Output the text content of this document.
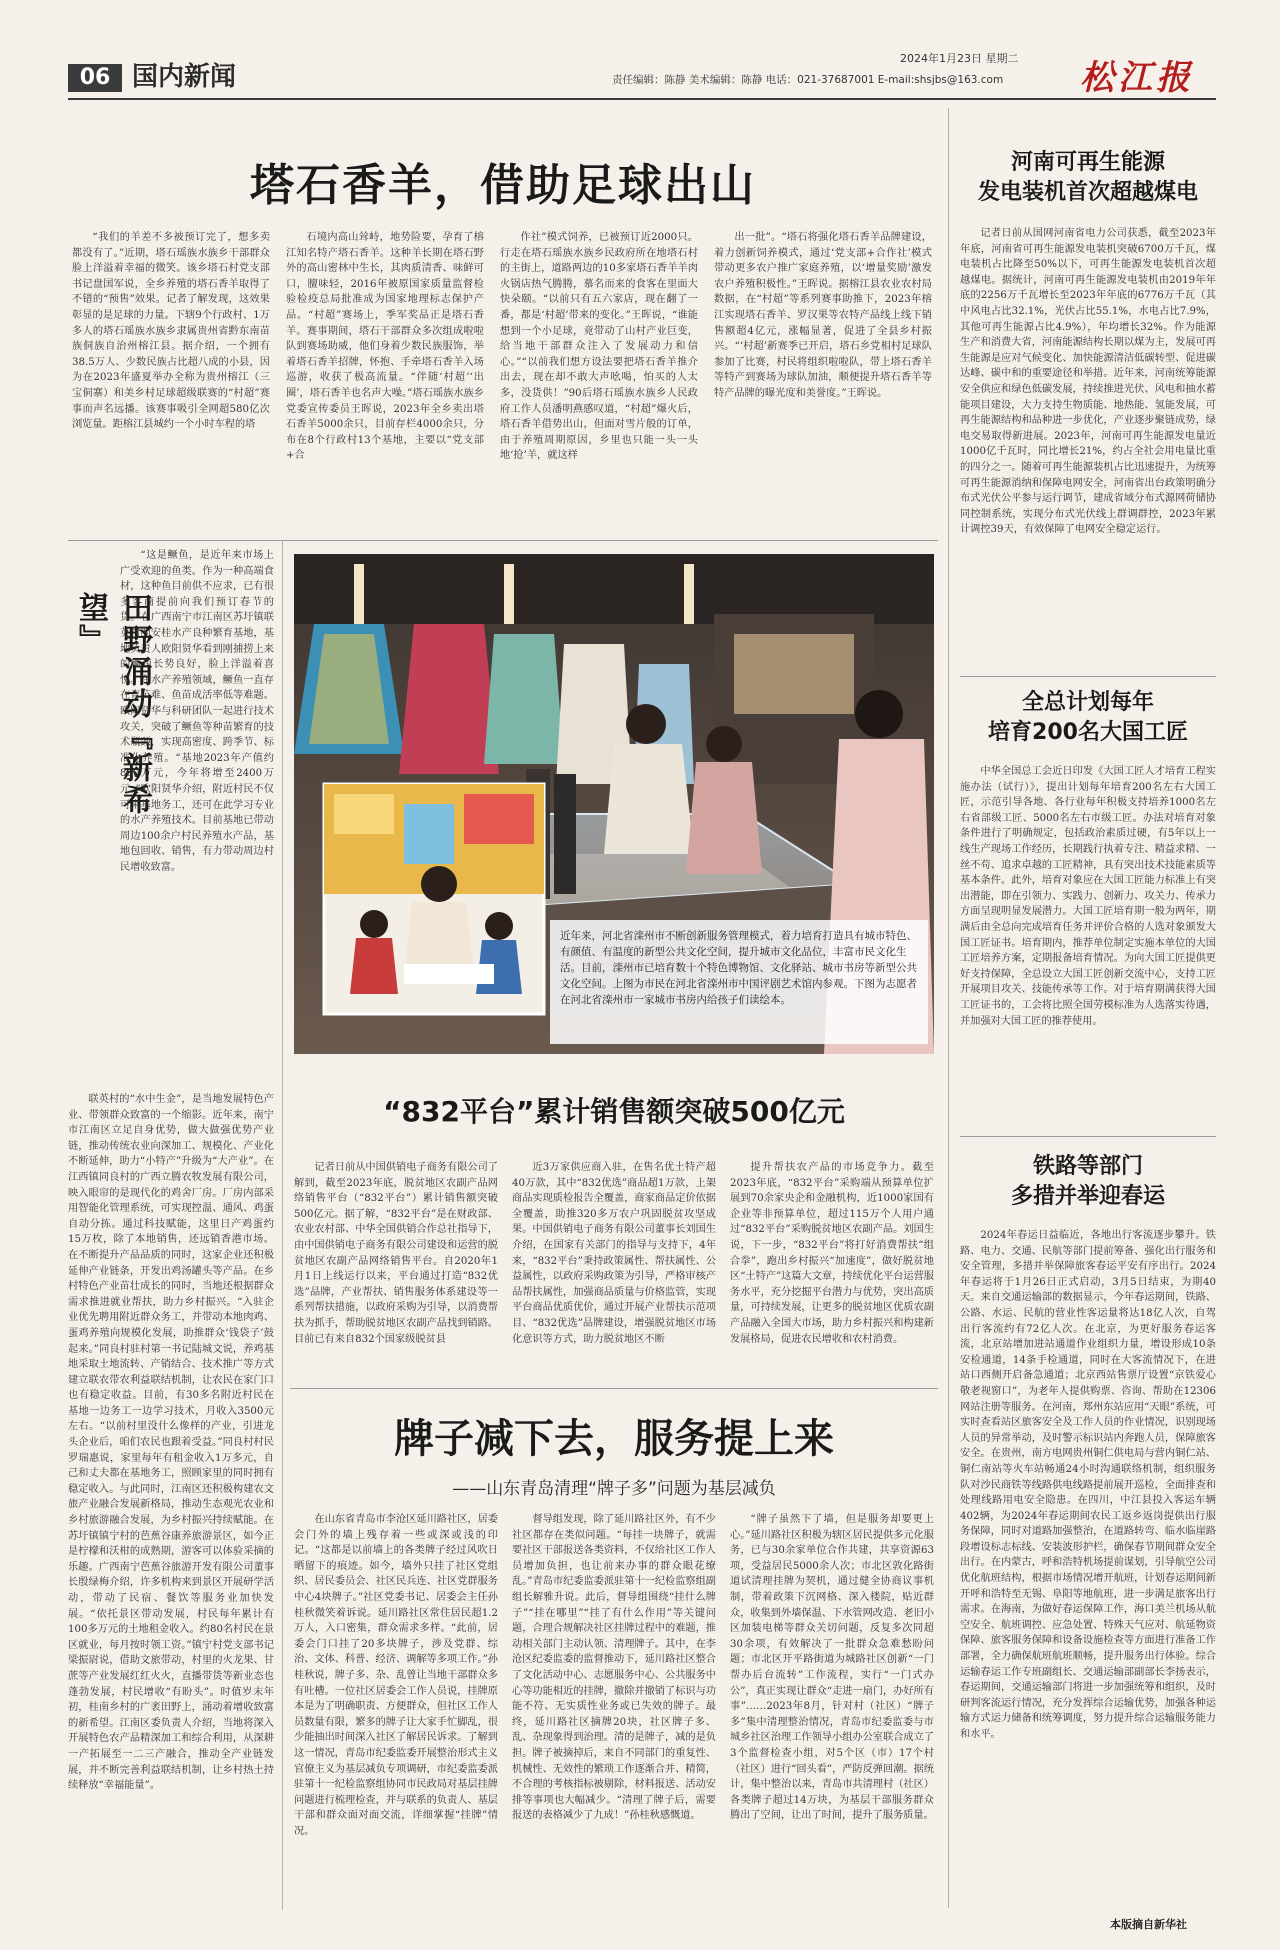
06 国内新闻
2024年1月23日 星期二
责任编辑：陈静 美术编辑：陈静 电话：021-37687001 E-mail:shsjbs@163.com 松江报
塔石香羊，借助足球出山

“我们的羊差不多被预订完了，想多卖都没有了。”近期，塔石瑶族水族乡干部群众脸上洋溢着幸福的微笑。该乡塔石村党支部书记盘国军说，全乡养殖的塔石香羊取得了不错的“预售”效果。记者了解发现，这效果彰显的是足球的力量。下辖9个行政村、1万多人的塔石瑶族水族乡隶属贵州省黔东南苗族侗族自治州榕江县。据介绍，一个拥有38.5万人、少数民族占比超八成的小县，因为在2023年盛夏举办全称为贵州榕江（三宝侗寨）和美乡村足球超级联赛的“村超”赛事而声名远播。该赛事吸引全网超580亿次浏览量。距榕江县城约一个小时车程的塔

石境内高山耸峙，地势险要，孕育了榕江知名特产塔石香羊。这种羊长期在塔石野外的高山密林中生长，其肉质清香、味鲜可口，膻味轻，2016年被原国家质量监督检验检疫总局批准成为国家地理标志保护产品。“村超”赛场上，季军奖品正是塔石香羊。赛事期间，塔石干部群众多次组成啦啦队到赛场助威，他们身着少数民族服饰，举着塔石香羊招牌，怀抱、手牵塔石香羊入场巡游，收获了极高流量。“伴随‘村超’‘出圈’，塔石香羊也名声大噪。”塔石瑶族水族乡党委宣传委员王晖说，2023年全乡卖出塔石香羊5000余只，目前存栏4000余只，分布在8个行政村13个基地，主要以“党支部+合

作社”模式饲养，已被预订近2000只。行走在塔石瑶族水族乡民政府所在地塔石村的主街上，道路两边的10多家塔石香羊羊肉火锅店热气腾腾，慕名而来的食客在里面大快朵颐。“以前只有五六家店，现在翻了一番，都是‘村超’带来的变化。”王晖说，“谁能想到一个小足球，竟带动了山村产业巨变，给当地干部群众注入了发展动力和信心。”“以前我们想方设法要把塔石香羊推介出去，现在却不敢大声吆喝，怕买的人太多，没货供！”90后塔石瑶族水族乡人民政府工作人员潘明燕感叹道，“村超”爆火后，塔石香羊借势出山，但面对雪片般的订单，由于养殖周期原因，乡里也只能一头一头地‘抢’羊，就这样

出一批”。“塔石将强化塔石香羊品牌建设，着力创新饲养模式，通过‘党支部+合作社’模式带动更多农户推广家庭养殖，以‘增量奖励’激发农户养殖积极性。”王晖说。据榕江县农业农村局数据，在“村超”等系列赛事助推下，2023年榕江实现塔石香羊、罗汉果等农特产品线上线下销售额超4亿元，涨幅显著，促进了全县乡村振兴。“‘村超’新赛季已开启，塔石乡党相村足球队参加了比赛，村民将组织啦啦队，带上塔石香羊等特产到赛场为球队加油，顺便提升塔石香羊等特产品牌的曝光度和美誉度。”王晖说。

河南可再生能源
发电装机首次超越煤电

记者日前从国网河南省电力公司获悉，截至2023年年底，河南省可再生能源发电装机突破6700万千瓦，煤电装机占比降至50%以下，可再生能源发电装机首次超越煤电。据统计，河南可再生能源发电装机由2019年年底的2256万千瓦增长至2023年年底的6776万千瓦（其中风电占比32.1%，光伏占比55.1%，水电占比7.9%，其他可再生能源占比4.9%），年均增长32%。作为能源生产和消费大省，河南能源结构长期以煤为主，发展可再生能源是应对气候变化、加快能源清洁低碳转型、促进碳达峰、碳中和的重要途径和举措。近年来，河南统筹能源安全供应和绿色低碳发展，持续推进光伏、风电和抽水蓄能项目建设，大力支持生物质能、地热能、氢能发展，可再生能源结构和品种进一步优化，产业逐步聚链成势，绿电交易取得新进展。2023年，河南可再生能源发电量近1000亿千瓦时，同比增长21%，约占全社会用电量比重的四分之一。随着可再生能源装机占比迅速提升，为统筹可再生能源消纳和保障电网安全，河南省出台政策明确分布式光伏公平参与运行调节，建成省域分布式源网荷储协同控制系统，实现分布式光伏线上群调群控，2023年累计调控39天，有效保障了电网安全稳定运行。

全总计划每年
培育200名大国工匠

中华全国总工会近日印发《大国工匠人才培育工程实施办法（试行）》，提出计划每年培育200名左右大国工匠，示范引导各地、各行业每年积极支持培养1000名左右省部级工匠、5000名左右市级工匠。办法对培育对象条件进行了明确规定，包括政治素质过硬，有5年以上一线生产现场工作经历，长期践行执着专注、精益求精、一丝不苟、追求卓越的工匠精神，具有突出技术技能素质等基本条件。此外，培育对象应在大国工匠能力标准上有突出潜能，即在引领力、实践力、创新力、攻关力、传承力方面呈现明显发展潜力。大国工匠培育期一般为两年，期满后由全总向完成培育任务并评价合格的人选对象颁发大国工匠证书。培育期内，推荐单位制定实施本单位的大国工匠培养方案，定期报备培育情况。为向大国工匠提供更好支持保障，全总设立大国工匠创新交流中心，支持工匠开展项目攻关、技能传承等工作。对于培育期满获得大国工匠证书的，工会将比照全国劳模标准为人选落实待遇，并加强对大国工匠的推荐使用。

铁路等部门
多措并举迎春运

2024年春运日益临近，各地出行客流逐步攀升。铁路、电力、交通、民航等部门提前筹备、强化出行服务和安全管理，多措并举保障旅客春运平安有序出行。2024年春运将于1月26日正式启动，3月5日结束，为期40天。来自交通运输部的数据显示，今年春运期间，铁路、公路、水运、民航的营业性客运量将达18亿人次，自驾出行客流约有72亿人次。在北京，为更好服务春运客流，北京站增加进站通道作业组织力量，增设形成10条安检通道，14条手检通道，同时在大客流情况下，在进站口西侧开启备急通道；北京西站售票厅设置“京铁爱心敬老视窗口”，为老年人提供购票、咨询、帮助在12306网站注册等服务。在河南，郑州东站应用“天眼”系统，可实时查看站区旅客安全及工作人员的作业情况，识别现场人员的异常举动，及时警示标识站内奔跑人员，保障旅客安全。在贵州，南方电网贵州铜仁供电局与营内铜仁站、铜仁南站等火车站畅通24小时沟通联络机制，组织服务队对沙民商铁等线路供电线路提前展开巡检，全面排查和处理线路用电安全隐患。在四川，中江县投入客运车辆402辆，为2024年春运期间农民工返乡返岗提供出行服务保障，同时对道路加强整治，在道路转弯、临水临崖路段增设标志标线、安装波形护栏，确保春节期间群众安全出行。在内蒙古，呼和浩特机场提前谋划，引导航空公司优化航班结构，根据市场情况增开航班，计划春运期间新开呼和浩特至无锡、阜阳等地航班，进一步满足旅客出行需求。在海南，为做好春运保障工作，海口美兰机场从航空安全、航班调控、应急处置、特殊天气应对、航延物资保障、旅客服务保障和设备设施检查等方面进行准备工作部署，全力确保航班航班顺畅，提升服务出行体验。综合运输春运工作专班副组长、交通运输部副部长李扬表示，春运期间，交通运输部门将进一步加强统筹和组织，及时研判客流运行情况，充分发挥综合运输优势，加强各种运输方式运力储备和统筹调度，努力提升综合运输服务能力和水平。

田野涌动『新希望』

“这是鳜鱼，是近年来市场上广受欢迎的鱼类。作为一种高端食材，这种鱼目前供不应求，已有很多客商提前向我们预订春节的货。”在广西南宁市江南区苏圩镇联英村的安桂水产良种繁育基地，基地负责人欧阳贤华看到刚捕捞上来的鳜鱼长势良好，脸上洋溢着喜悦。在水产养殖领域，鳜鱼一直存在育苗难、鱼苗成活率低等难题。欧阳贤华与科研团队一起进行技术攻关，突破了鳜鱼等种苗繁育的技术瓶颈，实现高密度、跨季节、标准化养殖。“基地2023年产值约800万元，今年将增至2400万元。”欧阳贤华介绍，附近村民不仅可来基地务工，还可在此学习专业的水产养殖技术。目前基地已带动周边100余户村民养殖水产品，基地包回收、销售，有力带动周边村民增收致富。

联英村的“水中生金”，是当地发展特色产业、带领群众致富的一个缩影。近年来，南宁市江南区立足自身优势，做大做强优势产业链，推动传统农业向深加工、规模化、产业化不断延伸，助力“小特产”升级为“大产业”。在江西镇同良村的广西立腾农牧发展有限公司，映入眼帘的是现代化的鸡舍厂房。厂房内部采用智能化管理系统，可实现控温、通风、鸡蛋自动分拣。通过科技赋能，这里日产鸡蛋约15万枚，除了本地销售，还远销香港市场。在不断提升产品品质的同时，这家企业还积极延伸产业链条，开发出鸡汤罐头等产品。在乡村特色产业苗壮成长的同时，当地还根据群众需求推进就业帮扶，助力乡村振兴。“入驻企业优先聘用附近群众务工，并带动本地肉鸡、蛋鸡养殖向规模化发展，助推群众‘钱袋子’鼓起来。”同良村驻村第一书记陆城文说，养鸡基地采取土地流转、产销结合、技术推广等方式建立联农带农利益联结机制，让农民在家门口也有稳定收益。目前，有30多名附近村民在基地一边务工一边学习技术，月收入3500元左右。“以前村里没什么像样的产业，引进龙头企业后，咱们农民也跟着受益。”同良村村民罗瑞惠说，家里每年有租金收入1万多元，自己和丈夫都在基地务工，照顾家里的同时拥有稳定收入。与此同时，江南区还积极构建农文旅产业融合发展新格局，推动生态观光农业和乡村旅游融合发展，为乡村振兴持续赋能。在苏圩镇镇宁村的芭蕉谷康养旅游景区，如今正是柠檬和沃柑的成熟期，游客可以体验采摘的乐趣。广西南宁芭蕉谷旅游开发有限公司董事长殷绿梅介绍，许多机构来到景区开展研学活动，带动了民宿、餐饮等服务业加快发展。“依托景区带动发展，村民每年累计有100多万元的土地租金收入。约80名村民在景区就业，每月按时领工资。”镇宁村党支部书记梁振尉说，借助文旅带动，村里的火龙果、甘蔗等产业发展红红火火，直播带货等新业态也蓬勃发展，村民增收“有盼头”。时值岁末年初，桂南乡村的广袤田野上，涌动着增收致富的新希望。江南区委负责人介绍，当地将深入开展特色农产品精深加工和综合利用，从深耕一产拓展至一二三产融合，推动全产业链发展，并不断完善利益联结机制，让乡村热土持续释放“幸福能量”。

近年来，河北省滦州市不断创新服务管理模式，着力培育打造具有城市特色、有颜值、有温度的新型公共文化空间，提升城市文化品位，丰富市民文化生活。目前，滦州市已培育数十个特色博物馆、文化驿站、城市书房等新型公共文化空间。上图为市民在河北省滦州市中国评剧艺术馆内参观。下图为志愿者在河北省滦州市一家城市书房内给孩子们读绘本。

“832平台”累计销售额突破500亿元

记者日前从中国供销电子商务有限公司了解到，截至2023年底，脱贫地区农副产品网络销售平台（“832平台”）累计销售额突破500亿元。据了解，“832平台”是在财政部、农业农村部、中华全国供销合作总社指导下，由中国供销电子商务有限公司建设和运营的脱贫地区农副产品网络销售平台。自2020年1月1日上线运行以来，平台通过打造“832优选”品牌，产业帮扶、销售服务体系建设等一系列帮扶措施，以政府采购为引导，以消费帮扶为抓手，帮助脱贫地区农副产品找到销路。目前已有来自832个国家级脱贫县

近3万家供应商入驻，在售名优土特产超40万款，其中“832优选”商品超1万款，上架商品实现质检报告全覆盖，商家商品定价依据全覆盖，助推320多万农户巩固脱贫攻坚成果。中国供销电子商务有限公司董事长刘国生介绍，在国家有关部门的指导与支持下，4年来，“832平台”秉持政策属性、帮扶属性、公益属性，以政府采购政策为引导，严格审核产品帮扶属性，加强商品质量与价格监管，实现平台商品优质优价，通过开展产业帮扶示范项目、“832优选”品牌建设，增强脱贫地区市场化意识等方式，助力脱贫地区不断

提升帮扶农产品的市场竞争力。截至2023年底，“832平台”采购端从预算单位扩展到70余家央企和金融机构，近1000家国有企业等非预算单位，超过115万个人用户通过“832平台”采购脱贫地区农副产品。刘国生说，下一步，“832平台”将打好消费帮扶“组合拳”，跑出乡村振兴“加速度”，做好脱贫地区“土特产”这篇大文章，持续优化平台运营服务水平，充分挖掘平台潜力与优势，突出高质量，可持续发展，让更多的脱贫地区优质农副产品融入全国大市场，助力乡村振兴和构建新发展格局，促进农民增收和农村消费。

牌子减下去，服务提上来
——山东青岛清理“牌子多”问题为基层减负

在山东省青岛市李沧区延川路社区，居委会门外的墙上残存着一些或深或浅的印记。“这都是以前墙上的各类牌子经过风吹日晒留下的痕迹。如今，墙外只挂了社区党组织、居民委员会、社区民兵连、社区党群服务中心4块牌子。”社区党委书记、居委会主任孙桂秋微笑着诉说。延川路社区常住居民超1.2万人，入口密集，群众需求多样。“此前，居委会门口挂了20多块牌子，涉及党群、综治、文体、科普、经济、调解等多项工作。”孙桂秋说，牌子多、杂、乱曾让当地干部群众多有吐槽。一位社区居委会工作人员说，挂牌原本是为了明确职责、方便群众，但社区工作人员数量有限，繁多的牌子让大家手忙脚乱，很少能抽出时间深入社区了解居民诉求。了解到这一情况，青岛市纪委监委开展整治形式主义官僚主义为基层减负专项调研，市纪委监委派驻第十一纪检监察组协同市民政局对基层挂牌问题进行梳理检查，并与联系的负责人、基层干部和群众面对面交流，详细掌握“挂牌”情况。

督导组发现，除了延川路社区外，有不少社区都存在类似问题。“每挂一块牌子，就需要社区干部报送各类资料，不仅给社区工作人员增加负担，也让前来办事的群众眼花缭乱。”青岛市纪委监委派驻第十一纪检监察组副组长解雅升说。此后，督导组围绕“挂什么牌子”“挂在哪里”“挂了有什么作用”等关键问题，合理合规解决社区挂牌过程中的难题，推动相关部门主动认领、清理牌子。其中，在李沧区纪委监委的监督推动下，延川路社区整合了文化活动中心、志愿服务中心、公共服务中心等功能相近的挂牌，撤除并撤销了标识与功能不符、无实质性业务或已失效的牌子。最终，延川路社区摘牌20块，社区牌子多、乱、杂现象得到治理。清的是牌子，减的是负担。牌子被摘掉后，来自不同部门的重复性、机械性、无效性的繁琐工作逐渐合并、精简，不合理的考核指标被剔除，材料报送、活动安排等事项也大幅减少。“清理了牌子后，需要报送的表格减少了九成！”孙桂秋感慨道。

“牌子虽然下了墙，但是服务却要更上心。”延川路社区积极为辖区居民提供多元化服务，已与30余家单位合作共建，共享资源63项，受益居民5000余人次；市北区敦化路街道试清理挂牌为契机，通过健全协商议事机制，带着政策下沉网格、深入楼院，贴近群众，收集到外墙保温、下水管网改造、老旧小区加装电梯等群众关切问题，反复多次同超30余项，有效解决了一批群众急难愁盼问题；市北区开平路街道为城路社区创新“一门帮办后台流转”工作流程，实行“一门式办公”，真正实现让群众“走进一扇门，办好所有事”……2023年8月，针对村（社区）“牌子多”集中清理整治情况，青岛市纪委监委与市城乡社区治理工作领导小组办公室联合成立了3个监督检查小组，对5个区（市）17个村（社区）进行“回头看”，严防反弹回潮。据统计，集中整治以来，青岛市共清理村（社区）各类牌子超过14万块，为基层干部服务群众腾出了空间，让出了时间，提升了服务质量。

本版摘自新华社
